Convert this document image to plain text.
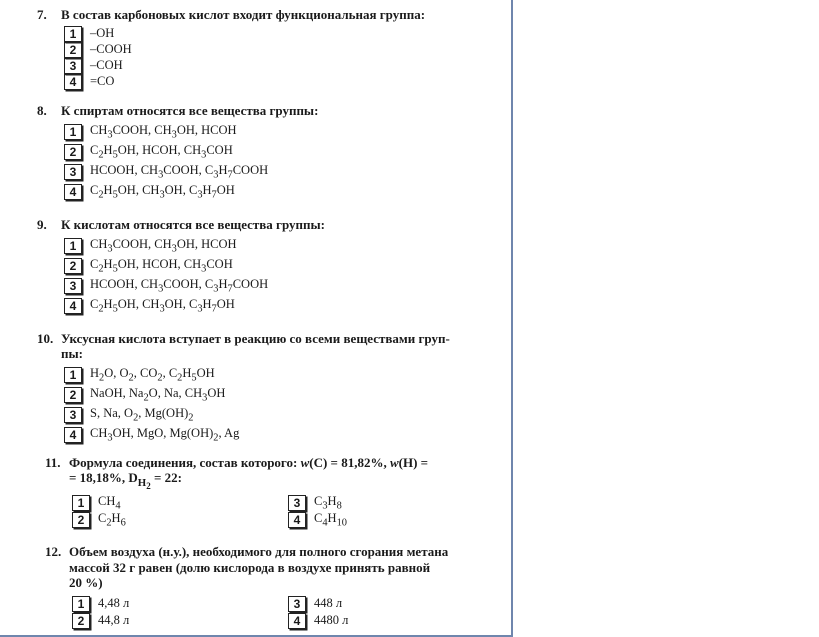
7. В состав карбоновых кислот входит функциональная группа:
1	–OH
2	–COOH
3	–COH
4	=CO
8. К спиртам относятся все вещества группы:
1	$CH_3COOH$, $CH_3OH$, HCOH
2	$C_2H_5OH$, HCOH, $CH_3COH$
3	HCOOH, $CH_3COOH$, $C_3H_7COOH$
4	$C_2H_5OH$, $CH_3OH$, $C_3H_7OH$
9. К кислотам относятся все вещества группы:
1	$CH_3COOH$, $CH_3OH$, HCOH
2	$C_2H_5OH$, HCOH, $CH_3COH$
3	HCOOH, $CH_3COOH$, $C_3H_7COOH$
4	$C_2H_5OH$, $CH_3OH$, $C_3H_7OH$
10. Уксусная кислота вступает в реакцию со всеми веществами груп-
пы:
1	$H_2O$, $O_2$, $CO_2$, $C_2H_5OH$
2	NaOH, $Na_2O$, Na, $CH_3OH$
3	S, Na, $O_2$, $Mg(OH)_2$
4	$CH_3OH$, MgO, $Mg(OH)_2$, Ag
11. Формула соединения, состав которого: w(C) = 81,82%, w(H) =
= 18,18%, $D_{H_2} = 22$:
1	$CH_4$
2	$C_2H_6$
3	$C_3H_8$
4	$C_4H_{10}$
12. Объем воздуха (н.у.), необходимого для полного сгорания метана
массой 32 г равен (долю кислорода в воздухе принять равной
20 %)
1	4,48 л
2	44,8 л
3	448 л
4	4480 л
